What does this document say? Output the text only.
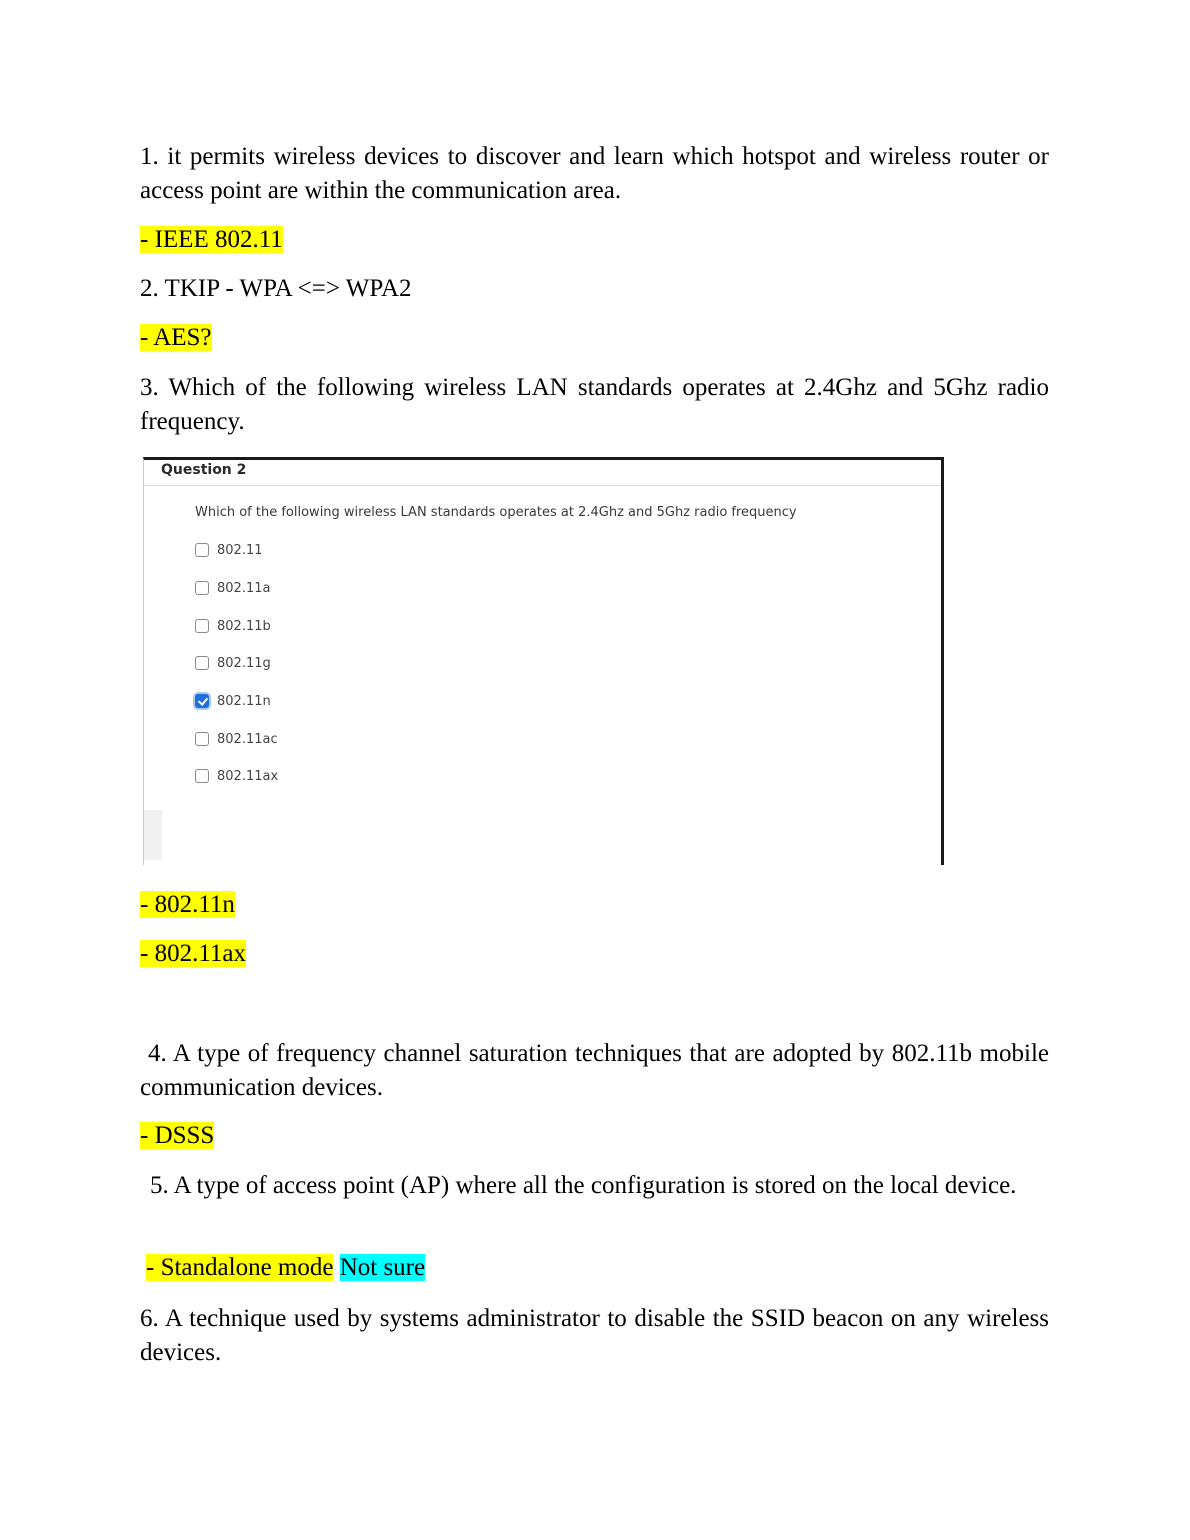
1. it permits wireless devices to discover and learn which hotspot and wireless router or access point are within the communication area.

- IEEE 802.11

2. TKIP - WPA <=> WPA2

- AES?

3. Which of the following wireless LAN standards operates at 2.4Ghz and 5Ghz radio frequency.

Question 2
Which of the following wireless LAN standards operates at 2.4Ghz and 5Ghz radio frequency
802.11
802.11a
802.11b
802.11g
802.11n
802.11ac
802.11ax

- 802.11n

- 802.11ax

4. A type of frequency channel saturation techniques that are adopted by 802.11b mobile communication devices.

- DSSS

5. A type of access point (AP) where all the configuration is stored on the local device.

- Standalone mode Not sure

6. A technique used by systems administrator to disable the SSID beacon on any wireless devices.
